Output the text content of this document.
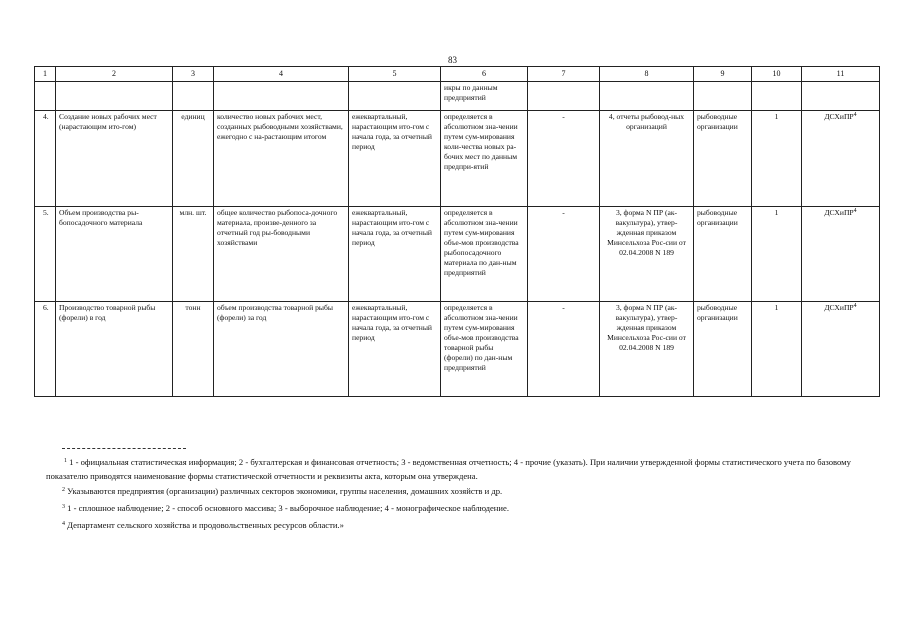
83
1	2	3	4	5	6	7	8	9	10	11
					икры по данным предприятий					
4.	Создание новых рабочих мест (нарастающим ито-гом)	единиц	количество новых рабочих мест, созданных рыбоводными хозяйствами, ежегодно с на-растающим итогом	ежеквартальный, нарастающим ито-гом с начала года, за отчетный период	определяется в абсолютном зна-чении путем сум-мирования коли-чества новых ра-бочих мест по данным предпри-ятий	-	4, отчеты рыбовод-ных организаций	рыбоводные организации	1	ДСХиПР$^4$
5.	Объем производства ры-бопосадочного материала	млн. шт.	общее количество рыбопоса-дочного материала, произве-денного за отчетный год ры-боводными хозяйствами	ежеквартальный, нарастающим ито-гом с начала года, за отчетный период	определяется в абсолютном зна-чении путем сум-мирования объе-мов производства рыбопосадочного материала по дан-ным предприятий	-	3, форма N ПР (ак-вакультура), утвер-жденная приказом Минсельхоза Рос-сии от 02.04.2008 N 189	рыбоводные организации	1	ДСХиПР$^4$
6.	Производство товарной рыбы (форели) в год	тонн	объем производства товарной рыбы (форели) за год	ежеквартальный, нарастающим ито-гом с начала года, за отчетный период	определяется в абсолютном зна-чении путем сум-мирования объе-мов производства товарной рыбы (форели) по дан-ным предприятий	-	3, форма N ПР (ак-вакультура), утвер-жденная приказом Минсельхоза Рос-сии от 02.04.2008 N 189	рыбоводные организации	1	ДСХиПР$^4$

$^1$ 1 - официальная статистическая информация; 2 - бухгалтерская и финансовая отчетность; 3 - ведомственная отчетность; 4 - прочие (указать). При наличии утвержденной формы статистического учета по базовому показателю приводятся наименование формы статистической отчетности и реквизиты акта, которым она утверждена.

$^2$ Указываются предприятия (организации) различных секторов экономики, группы населения, домашних хозяйств и др.

$^3$ 1 - сплошное наблюдение; 2 - способ основного массива; 3 - выборочное наблюдение; 4 - монографическое наблюдение.

$^4$ Департамент сельского хозяйства и продовольственных ресурсов области.»
